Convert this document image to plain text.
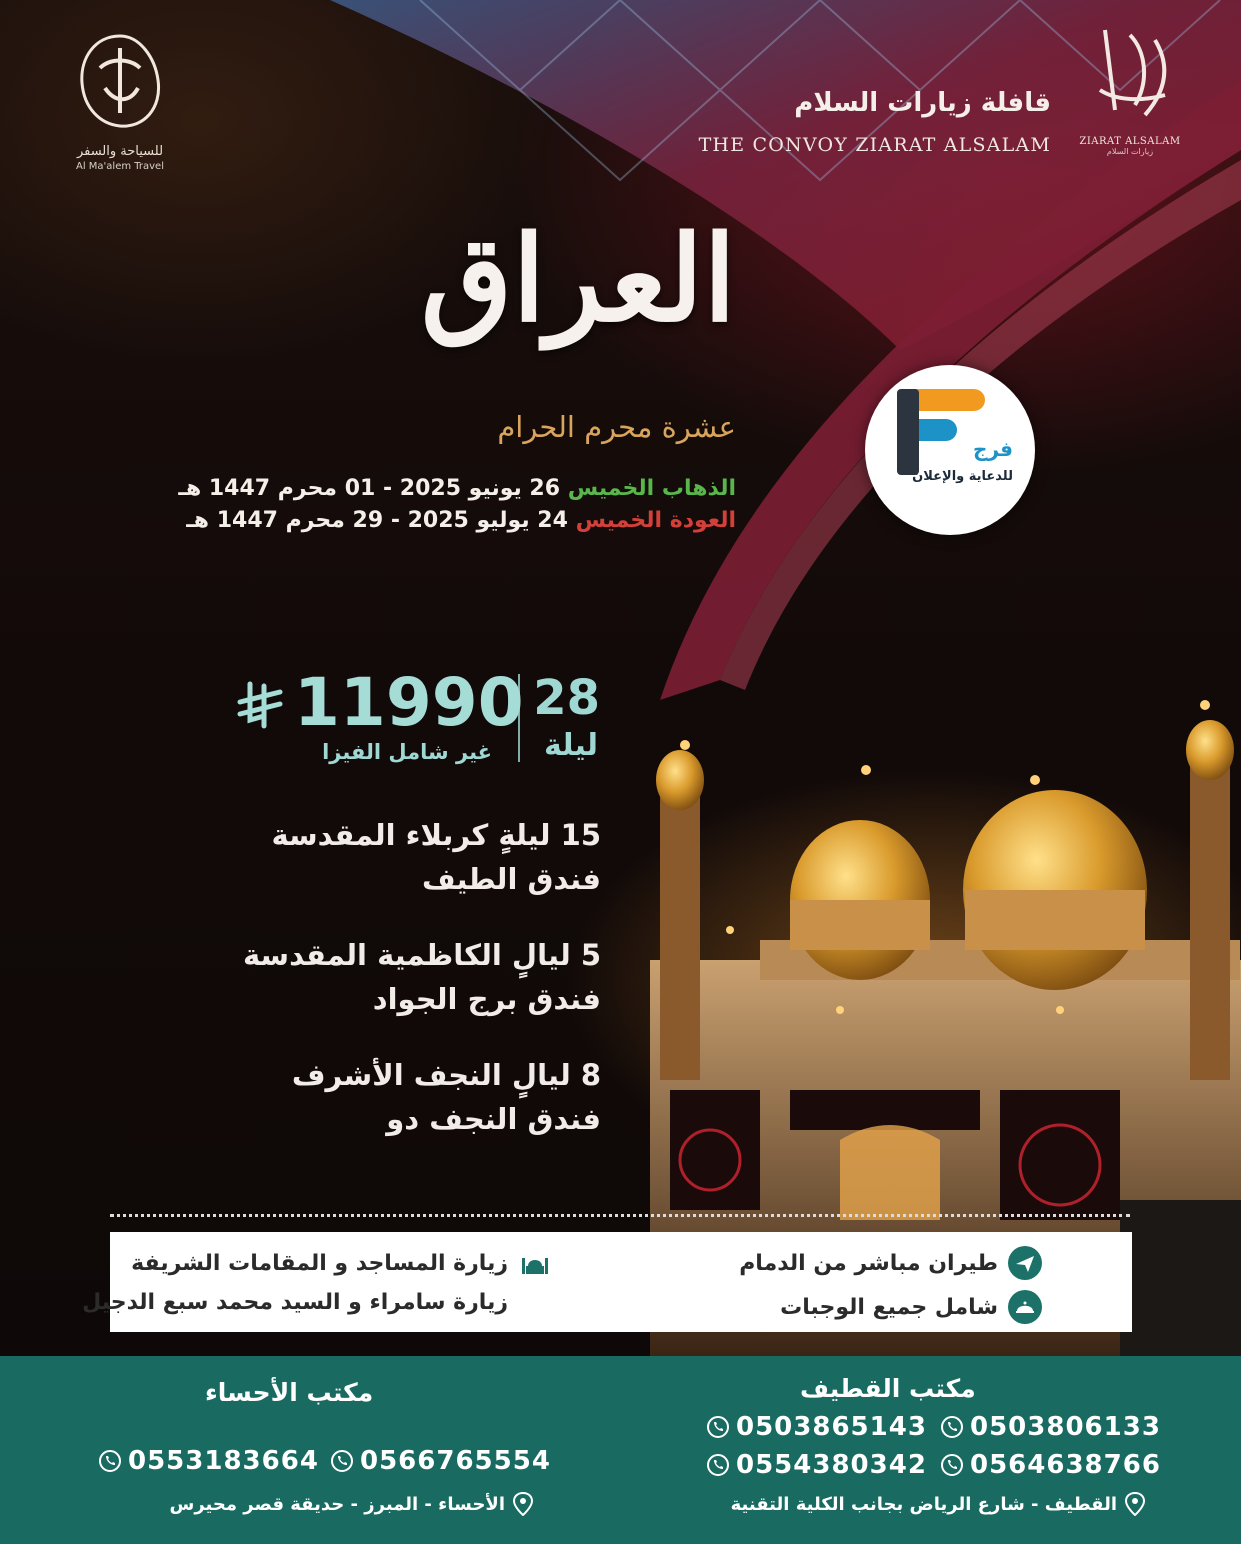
للسياحة والسفر
Al Ma'alem Travel
ZIARAT ALSALAM
زيارات السلام
قافلة زيارات السلام
THE CONVOY ZIARAT ALSALAM
العراق
عشرة محرم الحرام
فرج
للدعاية والإعلان
الذهاب الخميس 26 يونيو 2025 - 01 محرم 1447 هـ
العودة الخميس 24 يوليو 2025 - 29 محرم 1447 هـ
28
ليلة
11990
غير شامل الفيزا
15 ليلةٍ كربلاء المقدسة
فندق الطيف
5 ليالٍ الكاظمية المقدسة
فندق برج الجواد
8 ليالٍ النجف الأشرف
فندق النجف دو
طيران مباشر من الدمام
شامل جميع الوجبات
زيارة المساجد و المقامات الشريفة
زيارة سامراء و السيد محمد سبع الدجيل
مكتب القطيف
مكتب الأحساء
0503806133
0503865143
0564638766
0554380342
القطيف - شارع الرياض بجانب الكلية التقنية
0566765554
0553183664
الأحساء - المبرز - حديقة قصر محيرس
